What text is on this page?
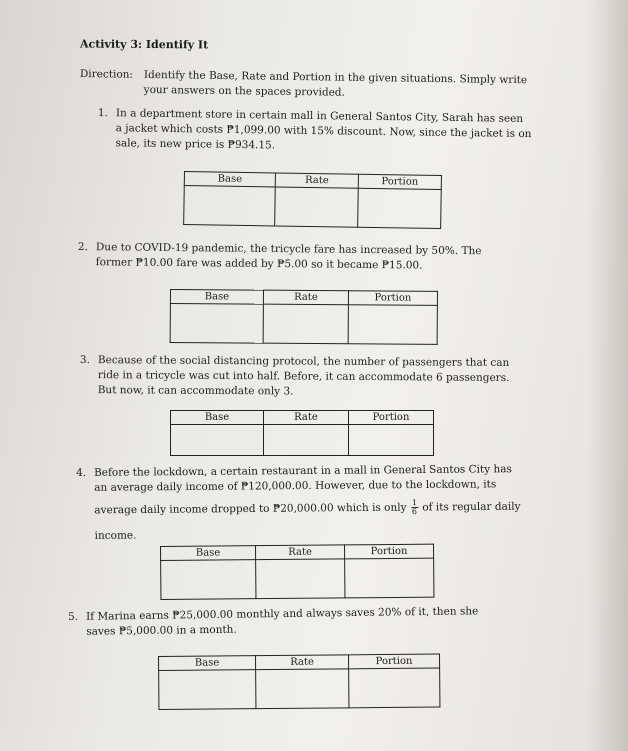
Activity 3: Identify It
Direction: Identify the Base, Rate and Portion in the given situations. Simply write
your answers on the spaces provided.
1. In a department store in certain mall in General Santos City, Sarah has seen
a jacket which costs ₱1,099.00 with 15% discount. Now, since the jacket is on
sale, its new price is ₱934.15.
Base	Rate	Portion

2. Due to COVID-19 pandemic, the tricycle fare has increased by 50%. The
former ₱10.00 fare was added by ₱5.00 so it became ₱15.00.
Base	Rate	Portion

3. Because of the social distancing protocol, the number of passengers that can
ride in a tricycle was cut into half. Before, it can accommodate 6 passengers.
But now, it can accommodate only 3.
Base	Rate	Portion

4. Before the lockdown, a certain restaurant in a mall in General Santos City has
an average daily income of ₱120,000.00. However, due to the lockdown, its
average daily income dropped to ₱20,000.00 which is only $\frac{1}{6}$ of its regular daily
income.
Base	Rate	Portion

5. If Marina earns ₱25,000.00 monthly and always saves 20% of it, then she
saves ₱5,000.00 in a month.
Base	Rate	Portion
